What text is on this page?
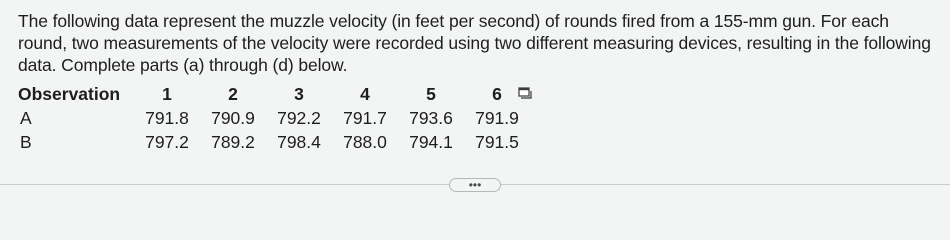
The following data represent the muzzle velocity (in feet per second) of rounds fired from a 155-mm gun. For each round, two measurements of the velocity were recorded using two different measuring devices, resulting in the following data. Complete parts (a) through (d) below.
Observation	1	2	3	4	5	6
A	791.8	790.9	792.2	791.7	793.6	791.9
B	797.2	789.2	798.4	788.0	794.1	791.5
•••
